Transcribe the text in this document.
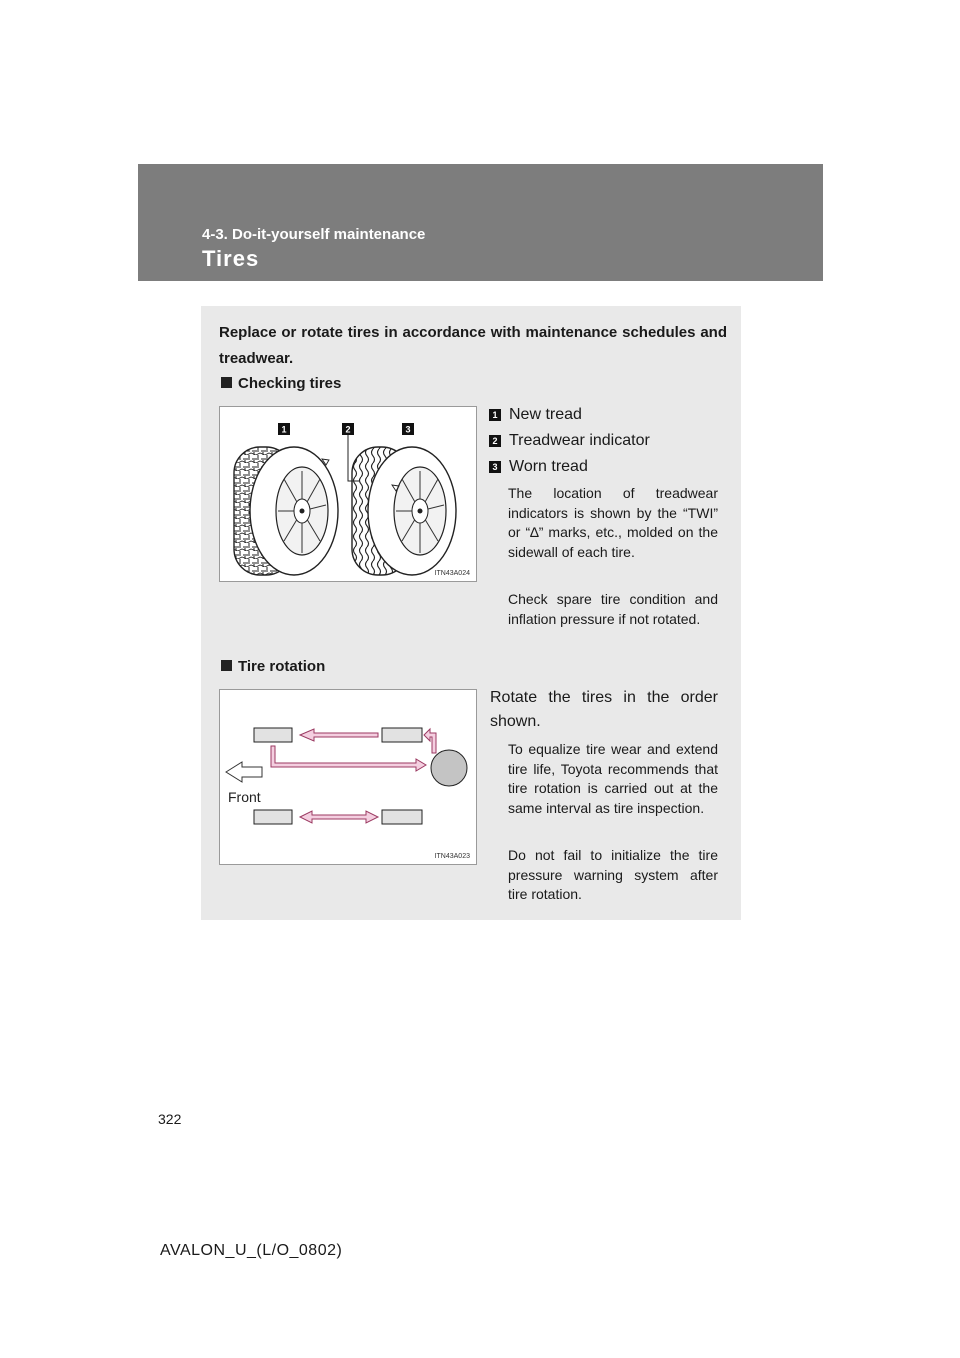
4-3. Do-it-yourself maintenance
Tires
Replace or rotate tires in accordance with maintenance schedules and treadwear.
Checking tires
1	2	3
ITN43A024
1 New tread
2 Treadwear indicator
3 Worn tread
The location of treadwear indicators is shown by the “TWI” or “∆” marks, etc., molded on the sidewall of each tire.
Check spare tire condition and inflation pressure if not rotated.
Tire rotation
Front
ITN43A023
Rotate the tires in the order shown.
To equalize tire wear and extend tire life, Toyota recommends that tire rotation is carried out at the same interval as tire inspection.
Do not fail to initialize the tire pressure warning system after tire rotation.
322
AVALON_U_(L/O_0802)
